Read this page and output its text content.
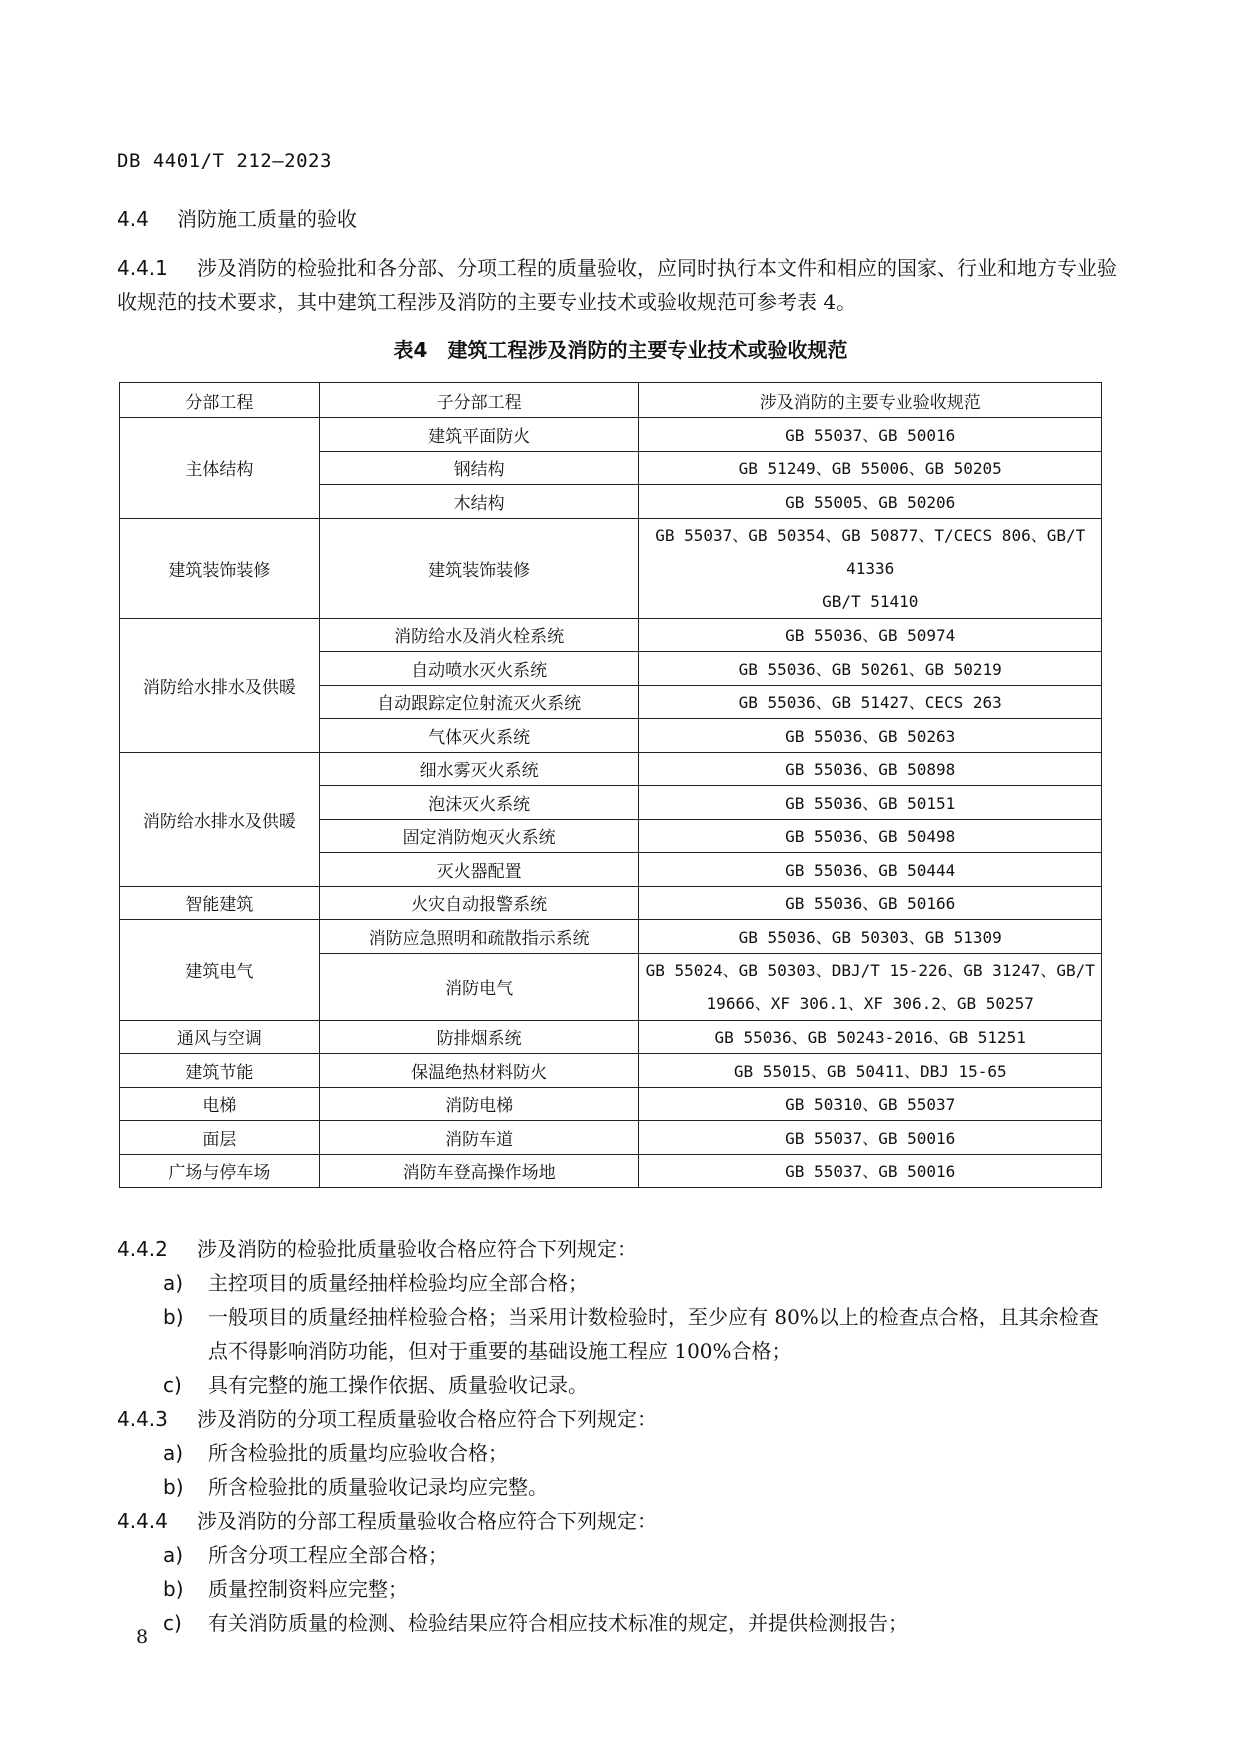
DB 4401/T 212—2023
4.4 消防施工质量的验收
4.4.1 涉及消防的检验批和各分部、分项工程的质量验收，应同时执行本文件和相应的国家、行业和地方专业验收规范的技术要求，其中建筑工程涉及消防的主要专业技术或验收规范可参考表 4。
表4　建筑工程涉及消防的主要专业技术或验收规范
分部工程	子分部工程	涉及消防的主要专业验收规范
主体结构	建筑平面防火	GB 55037、GB 50016
	钢结构	GB 51249、GB 55006、GB 50205
	木结构	GB 55005、GB 50206
建筑装饰装修	建筑装饰装修	GB 55037、GB 50354、GB 50877、T/CECS 806、GB/T
41336
GB/T 51410

消防给水排水及供暖	消防给水及消火栓系统	GB 55036、GB 50974
	自动喷水灭火系统	GB 55036、GB 50261、GB 50219
	自动跟踪定位射流灭火系统	GB 55036、GB 51427、CECS 263
	气体灭火系统	GB 55036、GB 50263
消防给水排水及供暖	细水雾灭火系统	GB 55036、GB 50898
	泡沫灭火系统	GB 55036、GB 50151
	固定消防炮灭火系统	GB 55036、GB 50498
	灭火器配置	GB 55036、GB 50444
智能建筑	火灾自动报警系统	GB 55036、GB 50166
建筑电气	消防应急照明和疏散指示系统	GB 55036、GB 50303、GB 51309
	消防电气	GB 55024、GB 50303、DBJ/T 15-226、GB 31247、GB/T
19666、XF 306.1、XF 306.2、GB 50257

通风与空调	防排烟系统	GB 55036、GB 50243-2016、GB 51251
建筑节能	保温绝热材料防火	GB 55015、GB 50411、DBJ 15-65
电梯	消防电梯	GB 50310、GB 55037
面层	消防车道	GB 55037、GB 50016
广场与停车场	消防车登高操作场地	GB 55037、GB 50016
4.4.2 涉及消防的检验批质量验收合格应符合下列规定：
a) 主控项目的质量经抽样检验均应全部合格；
b) 一般项目的质量经抽样检验合格；当采用计数检验时，至少应有 80%以上的检查点合格，且其余检查点不得影响消防功能，但对于重要的基础设施工程应 100%合格；
c) 具有完整的施工操作依据、质量验收记录。
4.4.3 涉及消防的分项工程质量验收合格应符合下列规定：
a) 所含检验批的质量均应验收合格；
b) 所含检验批的质量验收记录均应完整。
4.4.4 涉及消防的分部工程质量验收合格应符合下列规定：
a) 所含分项工程应全部合格；
b) 质量控制资料应完整；
c) 有关消防质量的检测、检验结果应符合相应技术标准的规定，并提供检测报告；
8
